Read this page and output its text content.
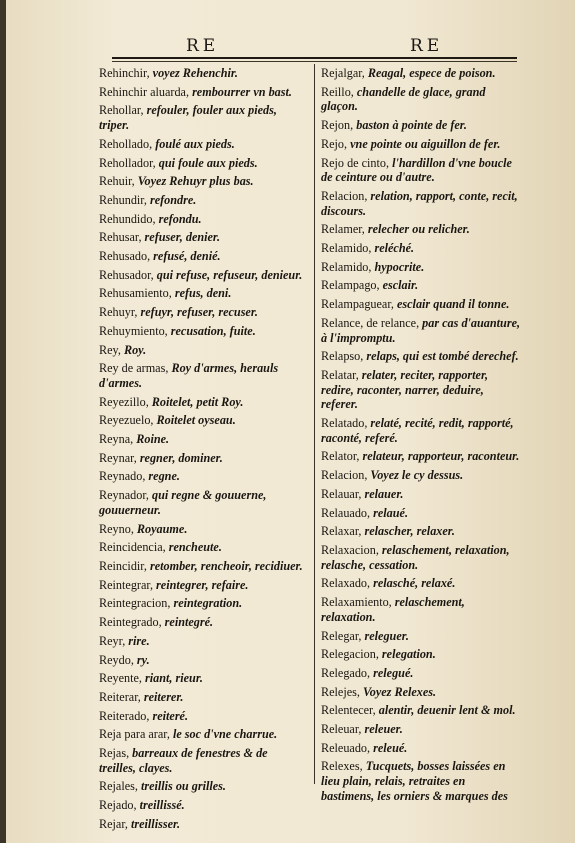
RE	RE
Rehinchir, voyez Rehenchir.
Rehinchir aluarda, rembourrer vn bast.
Rehollar, refouler, fouler aux pieds, triper.
Rehollado, foulé aux pieds.
Rehollador, qui foule aux pieds.
Rehuir, Voyez Rehuyr plus bas.
Rehundir, refondre.
Rehundido, refondu.
Rehusar, refuser, denier.
Rehusado, refusé, denié.
Rehusador, qui refuse, refuseur, denieur.
Rehusamiento, refus, deni.
Rehuyr, refuyr, refuser, recuser.
Rehuymiento, recusation, fuite.
Rey, Roy.
Rey de armas, Roy d'armes, herauls d'armes.
Reyezillo, Roitelet, petit Roy.
Reyezuelo, Roitelet oyseau.
Reyna, Roine.
Reynar, regner, dominer.
Reynado, regne.
Reynador, qui regne & gouuerne, gouuerneur.
Reyno, Royaume.
Reincidencia, rencheute.
Reincidir, retomber, rencheoir, recidiuer.
Reintegrar, reintegrer, refaire.
Reintegracion, reintegration.
Reintegrado, reintegré.
Reyr, rire.
Reydo, ry.
Reyente, riant, rieur.
Reiterar, reiterer.
Reiterado, reiteré.
Reja para arar, le soc d'vne charrue.
Rejas, barreaux de fenestres & de treilles, clayes.
Rejales, treillis ou grilles.
Rejado, treillissé.
Rejar, treillisser.
Rejalgar, Reagal, espece de poison.
Reillo, chandelle de glace, grand glaçon.
Rejon, baston à pointe de fer.
Rejo, vne pointe ou aiguillon de fer.
Rejo de cinto, l'hardillon d'vne boucle de ceinture ou d'autre.
Relacion, relation, rapport, conte, recit, discours.
Relamer, relecher ou relicher.
Relamido, reléché.
Relamido, hypocrite.
Relampago, esclair.
Relampaguear, esclair quand il tonne.
Relance, de relance, par cas d'auanture, à l'impromptu.
Relapso, relaps, qui est tombé derechef.
Relatar, relater, reciter, rapporter, redire, raconter, narrer, deduire, referer.
Relatado, relaté, recité, redit, rapporté, raconté, referé.
Relator, relateur, rapporteur, raconteur.
Relacion, Voyez le cy dessus.
Relauar, relauer.
Relauado, relaué.
Relaxar, relascher, relaxer.
Relaxacion, relaschement, relaxation, relasche, cessation.
Relaxado, relasché, relaxé.
Relaxamiento, relaschement, relaxation.
Relegar, releguer.
Relegacion, relegation.
Relegado, relegué.
Relejes, Voyez Relexes.
Relentecer, alentir, deuenir lent & mol.
Releuar, releuer.
Releuado, releué.
Relexes, Tucquets, bosses laissées en lieu plain, relais, retraites en bastimens, les orniers & marques des
